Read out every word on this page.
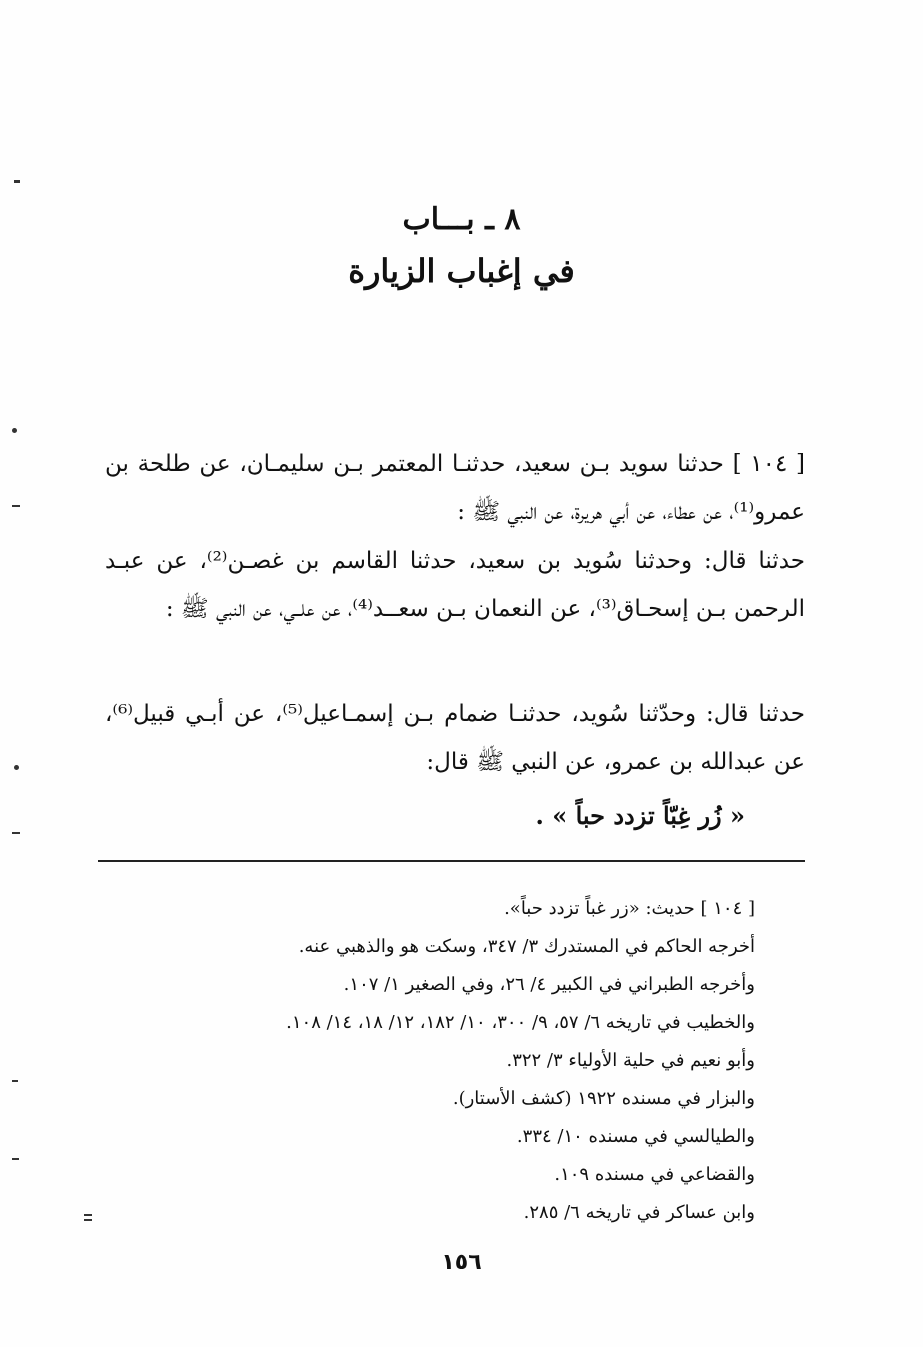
٨ ـ بـــاب
في إغباب الزيارة
[ ١٠٤ ] حدثنا سويد بـن سعيد، حدثنـا المعتمر بـن سليمـان، عن طلحة بن عمرو⁽¹⁾، عن عطاء، عن أبي هريرة، عن النبي ﷺ :
حدثنا قال: وحدثنا سُويد بن سعيد، حدثنا القاسم بن غصـن⁽²⁾، عن عبـد الرحمن بـن إسحـاق⁽³⁾، عن النعمان بـن سعــد⁽⁴⁾، عن علــي، عن النبي ﷺ :
حدثنا قال: وحدّثنا سُويد، حدثنـا ضمام بـن إسمـاعيل⁽⁵⁾، عن أبـي قبيل⁽⁶⁾، عن عبدالله بن عمرو، عن النبي ﷺ قال:
« زُر غِبّاً تزدد حباً » .
[ ١٠٤ ] حديث: «زر غباً تزدد حباً».
أخرجه الحاكم في المستدرك ٣/ ٣٤٧، وسكت هو والذهبي عنه.
وأخرجه الطبراني في الكبير ٤/ ٢٦، وفي الصغير ١/ ١٠٧.
والخطيب في تاريخه ٦/ ٥٧، ٩/ ٣٠٠، ١٠/ ١٨٢، ١٢/ ١٨، ١٤/ ١٠٨.
وأبو نعيم في حلية الأولياء ٣/ ٣٢٢.
والبزار في مسنده ١٩٢٢ (كشف الأستار).
والطيالسي في مسنده ١٠/ ٣٣٤.
والقضاعي في مسنده ١٠٩.
وابن عساكر في تاريخه ٦/ ٢٨٥.
١٥٦
